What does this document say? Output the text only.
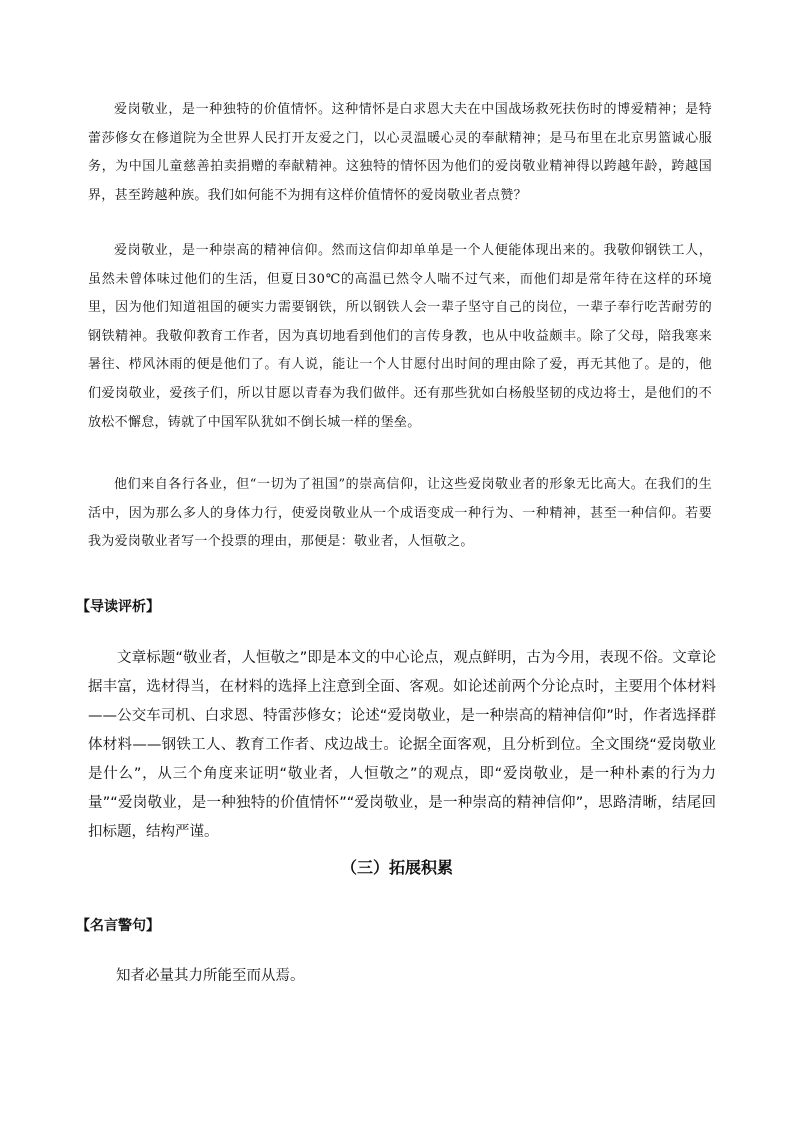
爱岗敬业，是一种独特的价值情怀。这种情怀是白求恩大夫在中国战场救死扶伤时的博爱精神；是特蕾莎修女在修道院为全世界人民打开友爱之门，以心灵温暖心灵的奉献精神；是马布里在北京男篮诚心服务，为中国儿童慈善拍卖捐赠的奉献精神。这独特的情怀因为他们的爱岗敬业精神得以跨越年龄，跨越国界，甚至跨越种族。我们如何能不为拥有这样价值情怀的爱岗敬业者点赞？

爱岗敬业，是一种崇高的精神信仰。然而这信仰却单单是一个人便能体现出来的。我敬仰钢铁工人，虽然未曾体味过他们的生活，但夏日30℃的高温已然令人喘不过气来，而他们却是常年待在这样的环境里，因为他们知道祖国的硬实力需要钢铁，所以钢铁人会一辈子坚守自己的岗位，一辈子奉行吃苦耐劳的钢铁精神。我敬仰教育工作者，因为真切地看到他们的言传身教，也从中收益颇丰。除了父母，陪我寒来暑往、栉风沐雨的便是他们了。有人说，能让一个人甘愿付出时间的理由除了爱，再无其他了。是的，他们爱岗敬业，爱孩子们，所以甘愿以青春为我们做伴。还有那些犹如白杨般坚韧的戍边将士，是他们的不放松不懈怠，铸就了中国军队犹如不倒长城一样的堡垒。

他们来自各行各业，但“一切为了祖国”的崇高信仰，让这些爱岗敬业者的形象无比高大。在我们的生活中，因为那么多人的身体力行，使爱岗敬业从一个成语变成一种行为、一种精神，甚至一种信仰。若要我为爱岗敬业者写一个投票的理由，那便是：敬业者，人恒敬之。

【导读评析】

文章标题“敬业者，人恒敬之”即是本文的中心论点，观点鲜明，古为今用，表现不俗。文章论据丰富，选材得当，在材料的选择上注意到全面、客观。如论述前两个分论点时，主要用个体材料——公交车司机、白求恩、特雷莎修女；论述“爱岗敬业，是一种崇高的精神信仰”时，作者选择群体材料——钢铁工人、教育工作者、戍边战士。论据全面客观，且分析到位。全文围绕“爱岗敬业是什么”，从三个角度来证明“敬业者，人恒敬之”的观点，即“爱岗敬业，是一种朴素的行为力量”“爱岗敬业，是一种独特的价值情怀”“爱岗敬业，是一种崇高的精神信仰”，思路清晰，结尾回扣标题，结构严谨。

（三）拓展积累
【名言警句】

知者必量其力所能至而从焉。
